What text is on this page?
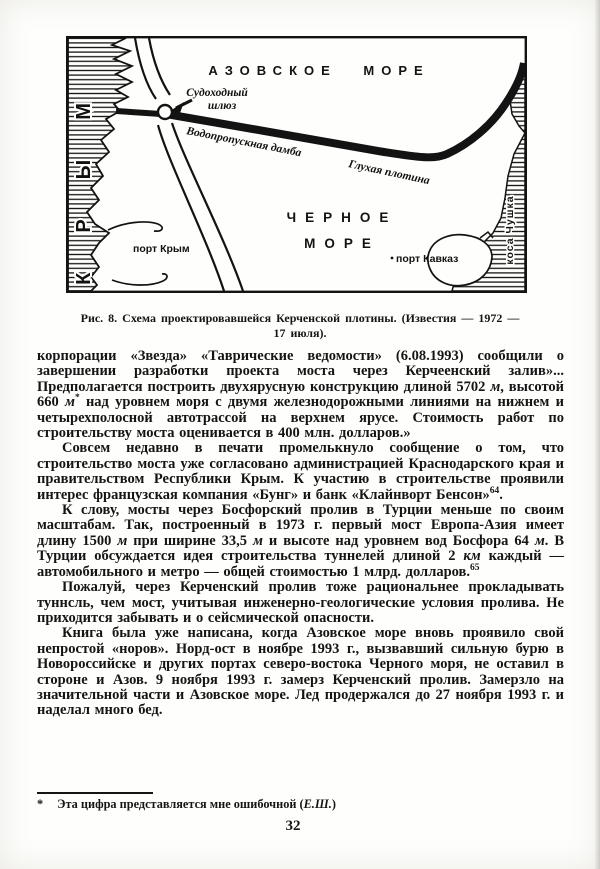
АЗОВСКОЕ МОРЕ
ЧЕРНОЕ
МОРЕ
Судоходный
шлюз
Водопропускная дамба
Глухая плотина
порт Крым
порт Кавказ
КРЫМ	коса Чушка
Рис. 8. Схема проектировавшейся Керченской плотины. (Известия — 1972 —
17 июля).

корпорации «Звезда» «Таврические ведомости» (6.08.1993) сообщили о завершении разработки проекта моста через Керчеенский залив»... Предполагается построить двухярусную конструкцию длиной 5702 м, высотой 660 м* над уровнем моря с двумя железнодорожными линиями на нижнем и четырехполосной автотрассой на верхнем ярусе. Стоимость работ по строительству моста оценивается в 400 млн. долларов.»

Совсем недавно в печати промелькнуло сообщение о том, что строительство моста уже согласовано администрацией Краснодарского края и правительством Республики Крым. К участию в строительстве проявили интерес французская компания «Бунг» и банк «Клайнворт Бенсон»$^{64}$.

К слову, мосты через Босфорский пролив в Турции меньше по своим масштабам. Так, построенный в 1973 г. первый мост Европа-Азия имеет длину 1500 м при ширине 33,5 м и высоте над уровнем вод Босфора 64 м. В Турции обсуждается идея строительства туннелей длиной 2 км каждый — автомобильного и метро — общей стоимостью 1 млрд. долларов.$^{65}$

Пожалуй, через Керченский пролив тоже рациональнее прокладывать туннсль, чем мост, учитывая инженерно-геологические условия пролива. Не приходится забывать и о сейсмической опасности.

Книга была уже написана, когда Азовское море вновь проявило свой непростой «норов». Норд-ост в ноябре 1993 г., вызвавший сильную бурю в Новороссийске и других портах северо-востока Черного моря, не оставил в стороне и Азов. 9 ноября 1993 г. замерз Керченский пролив. Замерзло на значительной части и Азовское море. Лед продержался до 27 ноября 1993 г. и наделал много бед.

* Эта цифра представляется мне ошибочной (Е.Ш.)
32
